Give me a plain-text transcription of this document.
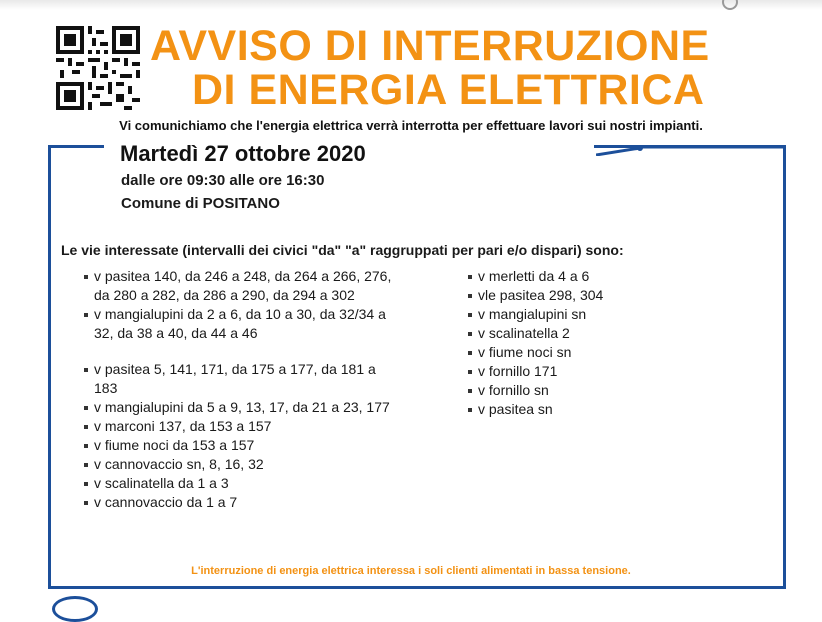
AVVISO DI INTERRUZIONE
DI ENERGIA ELETTRICA
Vi comunichiamo che l'energia elettrica verrà interrotta per effettuare lavori sui nostri impianti.
Martedì 27 ottobre 2020
dalle ore 09:30 alle ore 16:30
Comune di POSITANO
Le vie interessate (intervalli dei civici "da" "a" raggruppati per pari e/o dispari) sono:
v pasitea 140, da 246 a 248, da 264 a 266, 276, da 280 a 282, da 286 a 290, da 294 a 302
v mangialupini da 2 a 6, da 10 a 30, da 32/34 a 32, da 38 a 40, da 44 a 46
v pasitea 5, 141, 171, da 175 a 177, da 181 a 183
v mangialupini da 5 a 9, 13, 17, da 21 a 23, 177
v marconi 137, da 153 a 157
v fiume noci da 153 a 157
v cannovaccio sn, 8, 16, 32
v scalinatella da 1 a 3
v cannovaccio da 1 a 7
v merletti da 4 a 6
vle pasitea 298, 304
v mangialupini sn
v scalinatella 2
v fiume noci sn
v fornillo 171
v fornillo sn
v pasitea sn
L'interruzione di energia elettrica interessa i soli clienti alimentati in bassa tensione.
